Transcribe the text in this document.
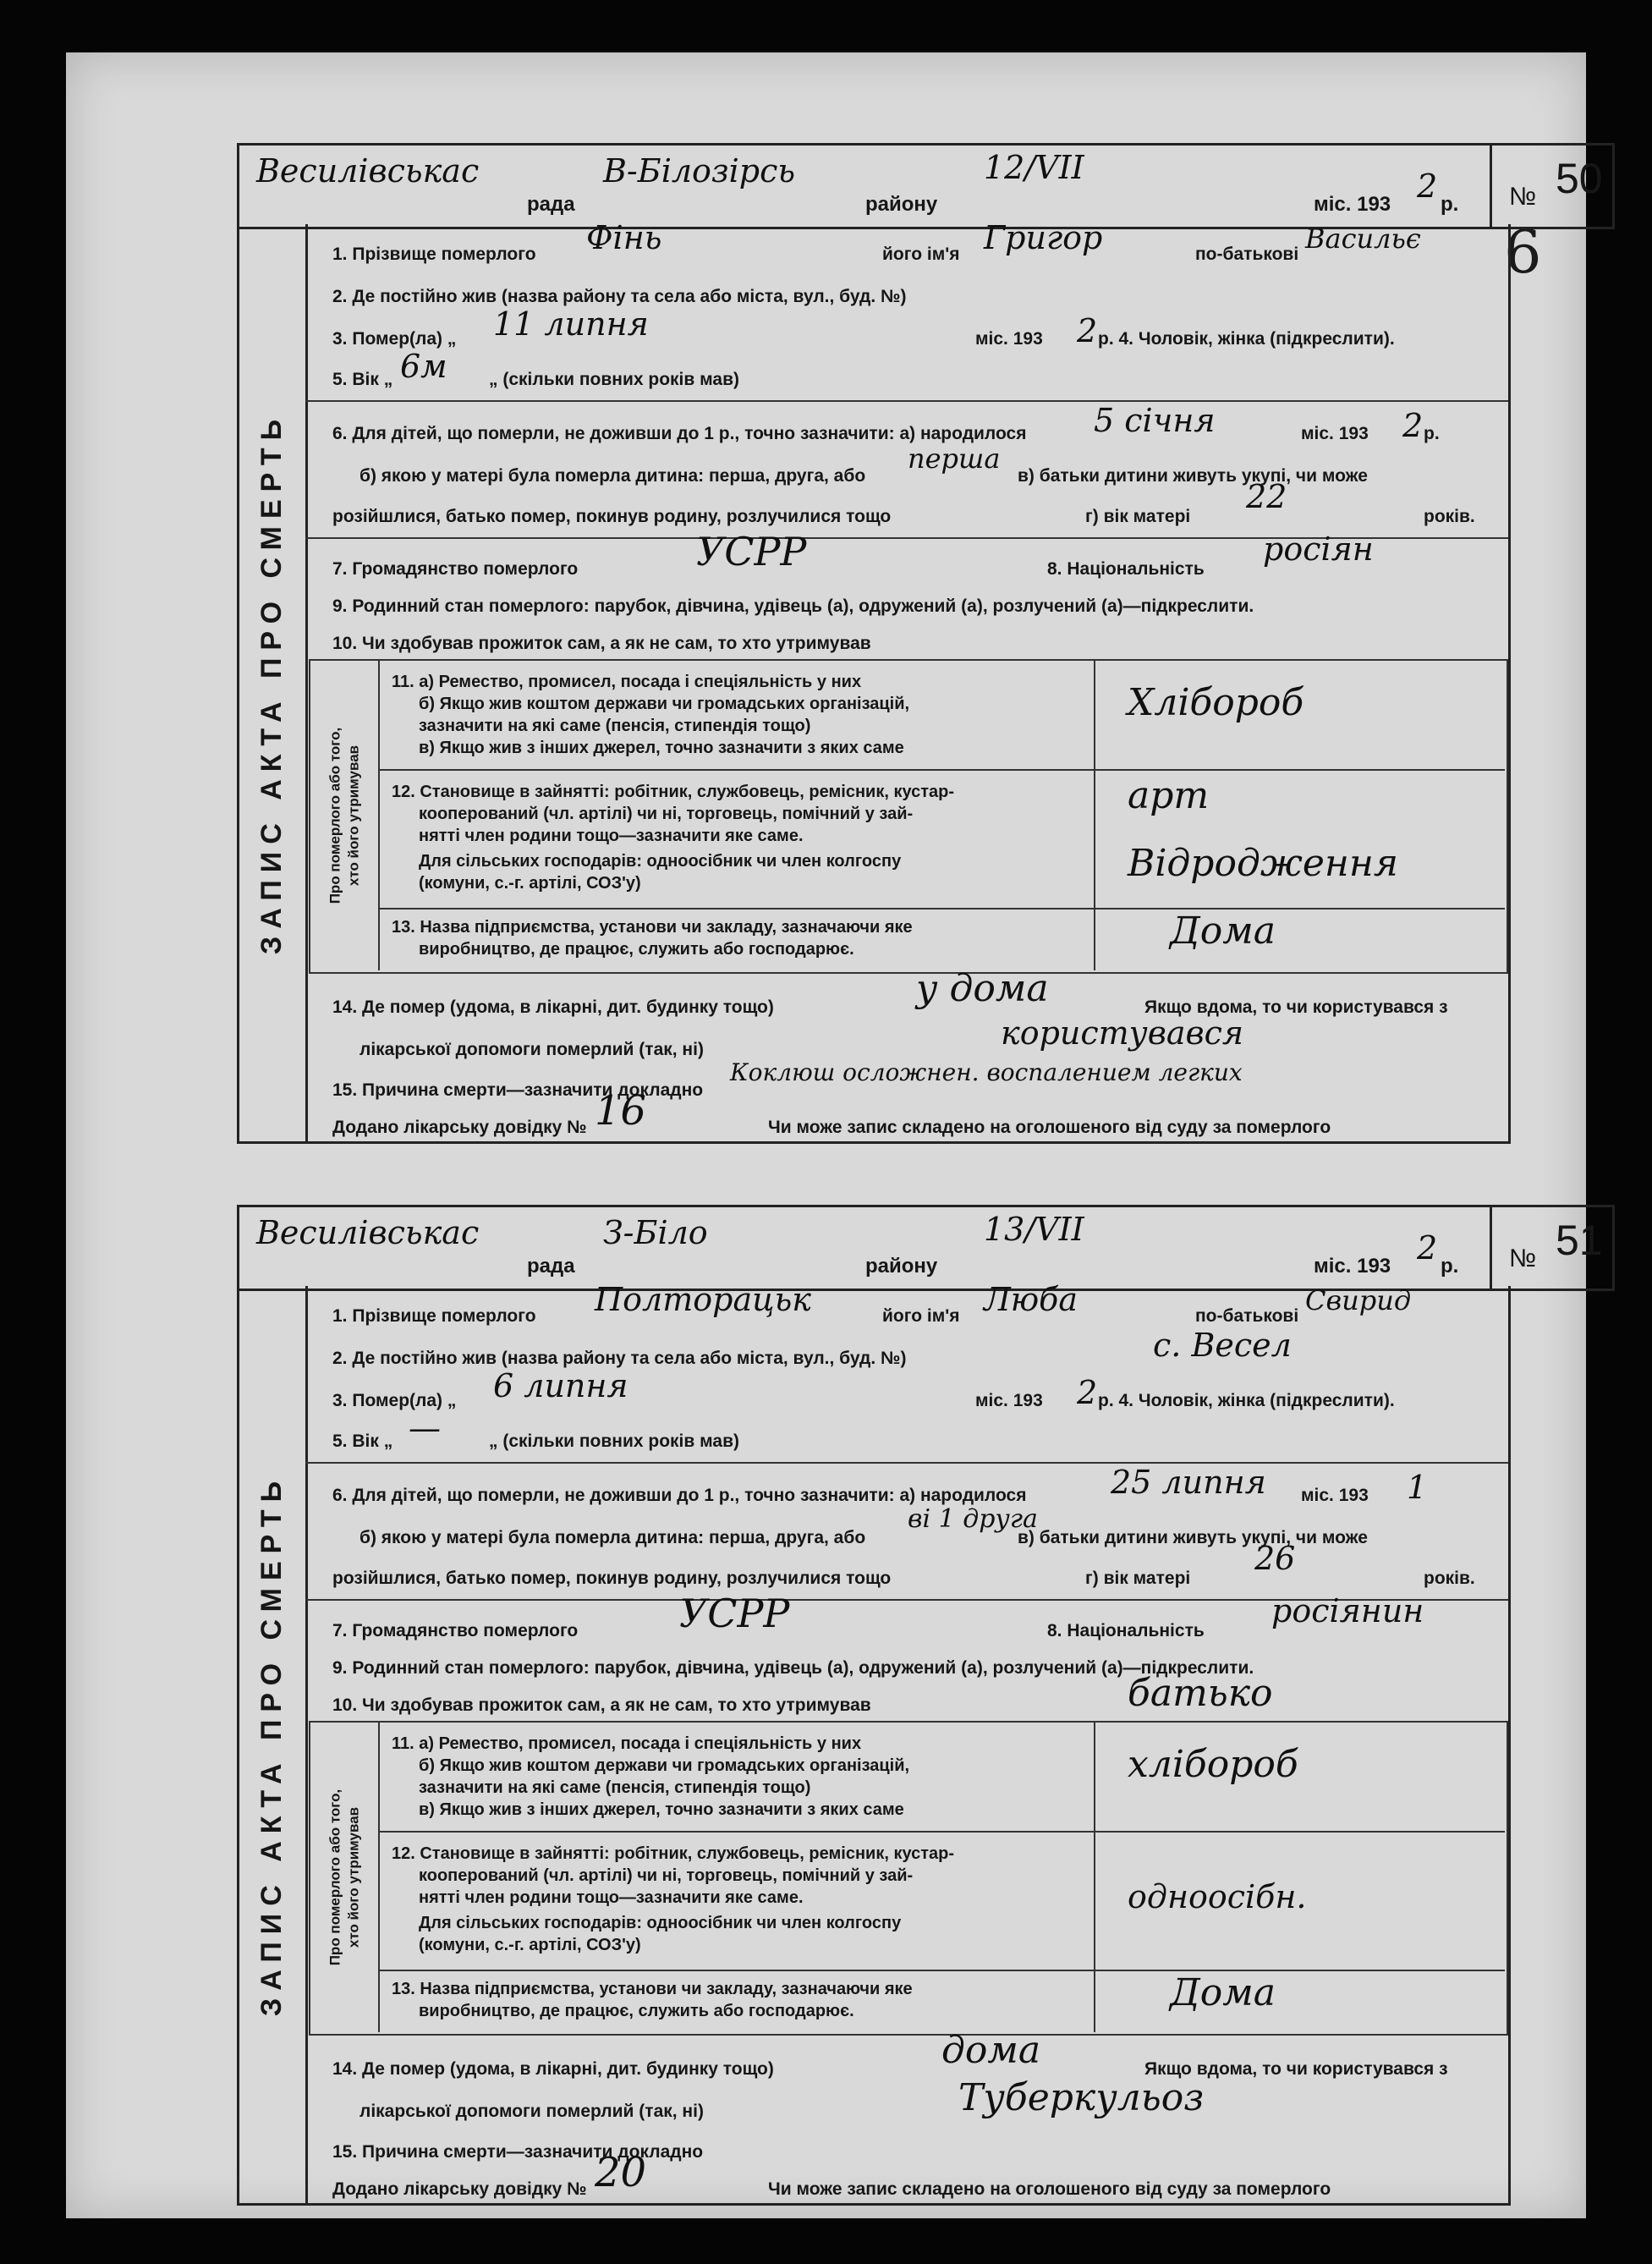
6
Весилівськас
рада
В-Білозірсь
району
12/VII
міс. 193 2 р. № 50
ЗАПИС АКТА ПРО СМЕРТЬ
1. Прізвище померлого Фінь	його ім'я Григор	по-батькові Васильє
2. Де постійно жив (назва району та села або міста, вул., буд. №)
3. Помер(ла) „ 11 липня	міс. 193 2 р. 4. Чоловік, жінка (підкреслити).
5. Вік „ 6м „ (скільки повних років мав)
6. Для дітей, що померли, не доживши до 1 р., точно зазначити: а) народилося 5 січня	міс. 193 2 р.
б) якою у матері була померла дитина: перша, друга, або
перша
в) батьки дитини живуть укупі, чи може
розійшлися, батько помер, покинув родину, розлучилися тощо	г) вік матері
22
років.
7. Громадянство померлого	УСРР	8. Національність
росіян
9. Родинний стан померлого: парубок, дівчина, удівець (а), одружений (а), розлучений (а)—підкреслити.
10. Чи здобував прожиток сам, а як не сам, то хто утримував
Про померлого або того, хто його утримував
11. а) Ремество, промисел, посада і спеціяльність у них
б) Якщо жив коштом держави чи громадських організацій,
зазначити на які саме (пенсія, стипендія тощо)
в) Якщо жив з інших джерел, точно зазначити з яких саме
Хлібороб
12. Становище в зайнятті: робітник, службовець, ремісник, кустар-
кооперований (чл. артілі) чи ні, торговець, помічний у зай-
нятті член родини тощо—зазначити яке саме.
Для сільських господарів: одноосібник чи член колгоспу
(комуни, с.-г. артілі, СОЗ'у)
арт
Відродження
13. Назва підприємства, установи чи закладу, зазначаючи яке
виробництво, де працює, служить або господарює.	Дома
14. Де помер (удома, в лікарні, дит. будинку тощо)	у дома	Якщо вдома, то чи користувався з
лікарської допомоги померлий (так, ні)	користувався
15. Причина смерти—зазначити докладно
Коклюш осложнен. воспалением легких
Додано лікарську довідку № 16	Чи може запис складено на оголошеного від суду за померлого
Весилівськас
рада
З-Біло
району
13/VII
міс. 193 2 р. № 51
ЗАПИС АКТА ПРО СМЕРТЬ
1. Прізвище померлого Полторацьк	його ім'я Люба	по-батькові Свирид
2. Де постійно жив (назва району та села або міста, вул., буд. №)	с. Весел
3. Помер(ла) „ 6 липня	міс. 193 2 р. 4. Чоловік, жінка (підкреслити).
5. Вік „ —	„ (скільки повних років мав)
6. Для дітей, що померли, не доживши до 1 р., точно зазначити: а) народилося	25 липня міс. 193 1
б) якою у матері була померла дитина: перша, друга, або
ві 1 друга
в) батьки дитини живуть укупі, чи може
розійшлися, батько помер, покинув родину, розлучилися тощо	г) вік матері
26
років.
7. Громадянство померлого	УСРР	8. Національність
росіянин
9. Родинний стан померлого: парубок, дівчина, удівець (а), одружений (а), розлучений (а)—підкреслити.
10. Чи здобував прожиток сам, а як не сам, то хто утримував	батько
Про померлого або того, хто його утримував
11. а) Ремество, промисел, посада і спеціяльність у них
б) Якщо жив коштом держави чи громадських організацій,
зазначити на які саме (пенсія, стипендія тощо)
в) Якщо жив з інших джерел, точно зазначити з яких саме
хлібороб
12. Становище в зайнятті: робітник, службовець, ремісник, кустар-
кооперований (чл. артілі) чи ні, торговець, помічний у зай-
нятті член родини тощо—зазначити яке саме.
Для сільських господарів: одноосібник чи член колгоспу
(комуни, с.-г. артілі, СОЗ'у)
одноосібн.
13. Назва підприємства, установи чи закладу, зазначаючи яке
виробництво, де працює, служить або господарює.	Дома
14. Де помер (удома, в лікарні, дит. будинку тощо)	дома	Якщо вдома, то чи користувався з
лікарської допомоги померлий (так, ні)	Туберкульоз
15. Причина смерти—зазначити докладно
Додано лікарську довідку № 20	Чи може запис складено на оголошеного від суду за померлого
